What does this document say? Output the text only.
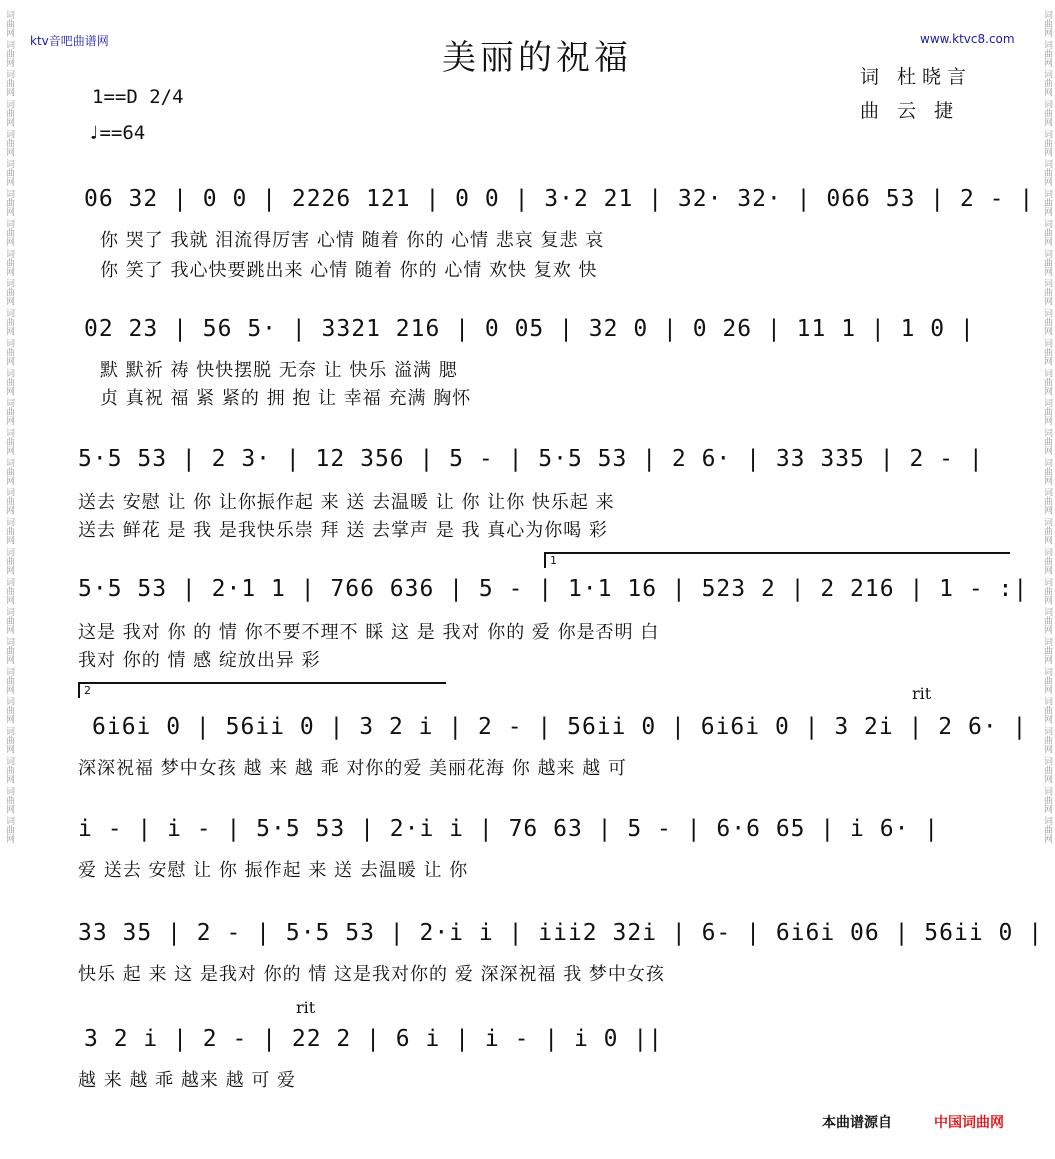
词曲网 词曲网 词曲网 词曲网 词曲网 词曲网 词曲网 词曲网 词曲网 词曲网 词曲网 词曲网 词曲网 词曲网 词曲网 词曲网 词曲网 词曲网 词曲网 词曲网 词曲网 词曲网 词曲网 词曲网 词曲网 词曲网 词曲网 词曲网	词曲网 词曲网 词曲网 词曲网 词曲网 词曲网 词曲网 词曲网 词曲网 词曲网 词曲网 词曲网 词曲网 词曲网 词曲网 词曲网 词曲网 词曲网 词曲网 词曲网 词曲网 词曲网 词曲网 词曲网 词曲网 词曲网 词曲网 词曲网
ktv音吧曲谱网	www.ktvc8.com
美丽的祝福	词 杜晓言
曲 云 捷
1==D 2/4
♩==64
06 32 | 0 0 | 2226 121 | 0 0 | 3·2 21 | 32· 32· | 066 53 | 2 - |
你 哭了 我就 泪流得厉害 心情 随着 你的 心情 悲哀 复悲 哀
你 笑了 我心快要跳出来 心情 随着 你的 心情 欢快 复欢 快
02 23 | 56 5· | 3321 216 | 0 05 | 32 0 | 0 26 | 11 1 | 1 0 |
默 默祈 祷 快快摆脱 无奈 让 快乐 溢满 腮
贞 真祝 福 紧 紧的 拥 抱 让 幸福 充满 胸怀
5·5 53 | 2 3· | 12 356 | 5 - | 5·5 53 | 2 6· | 33 335 | 2 - |
送去 安慰 让 你 让你振作起 来 送 去温暖 让 你 让你 快乐起 来
送去 鲜花 是 我 是我快乐崇 拜 送 去掌声 是 我 真心为你喝 彩
1
5·5 53 | 2·1 1 | 766 636 | 5 - | 1·1 16 | 523 2 | 2 216 | 1 - :|
这是 我对 你 的 情 你不要不理不 睬 这 是 我对 你的 爱 你是否明 白
我对 你的 情 感 绽放出异 彩
2	rit
6i6i 0 | 56ii 0 | 3 2 i | 2 - | 56ii 0 | 6i6i 0 | 3 2i | 2 6· |
深深祝福 梦中女孩 越 来 越 乖 对你的爱 美丽花海 你 越来 越 可
i - | i - | 5·5 53 | 2·i i | 76 63 | 5 - | 6·6 65 | i 6· |
爱 送去 安慰 让 你 振作起 来 送 去温暖 让 你
33 35 | 2 - | 5·5 53 | 2·i i | iii2 32i | 6- | 6i6i 06 | 56ii 0 |
快乐 起 来 这 是我对 你的 情 这是我对你的 爱 深深祝福 我 梦中女孩
rit
3 2 i | 2 - | 22 2 | 6 i | i - | i 0 ||
越 来 越 乖 越来 越 可 爱
本曲谱源自	中国词曲网
